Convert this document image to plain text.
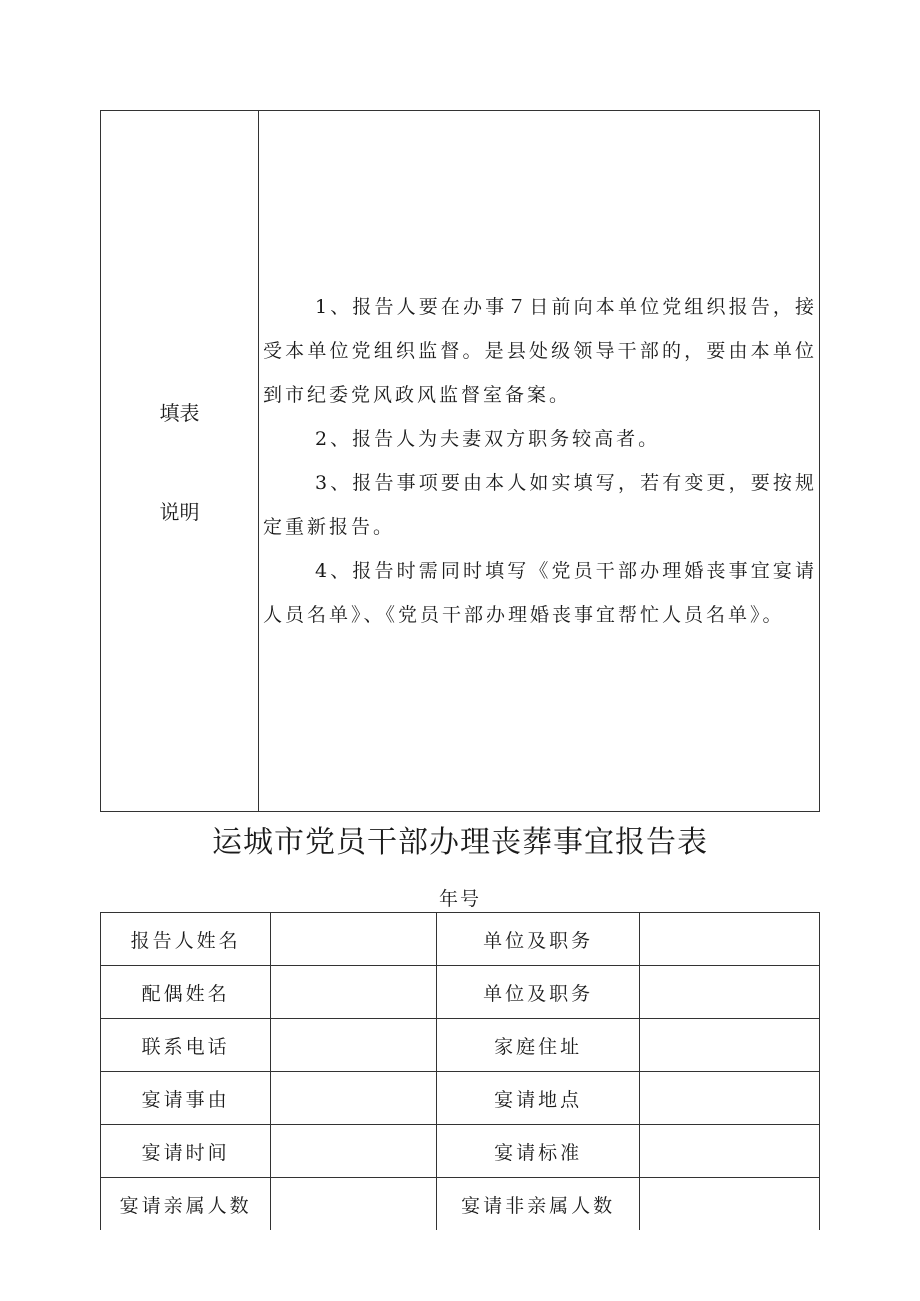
填表
说明

1、报告人要在办事７日前向本单位党组织报告，接受本单位党组织监督。是县处级领导干部的，要由本单位到市纪委党风政风监督室备案。

2、报告人为夫妻双方职务较高者。

3、报告事项要由本人如实填写，若有变更，要按规定重新报告。

4、报告时需同时填写《党员干部办理婚丧事宜宴请人员名单》、《党员干部办理婚丧事宜帮忙人员名单》。

运城市党员干部办理丧葬事宜报告表
年号
报告人姓名		单位及职务	
配偶姓名		单位及职务	
联系电话		家庭住址	
宴请事由		宴请地点	
宴请时间		宴请标准	
宴请亲属人数		宴请非亲属人数	
